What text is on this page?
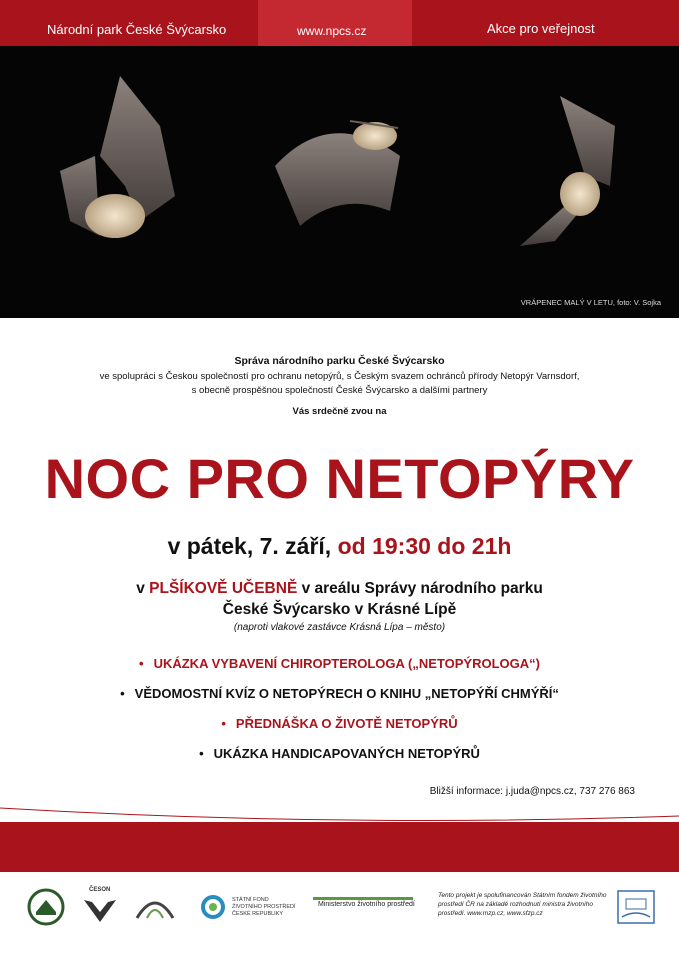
Národní park České Švýcarsko	www.npcs.cz	Akce pro veřejnost
VRÁPENEC MALÝ V LETU, foto: V. Sojka
Správa národního parku České Švýcarsko
ve spolupráci s Českou společností pro ochranu netopýrů, s Českým svazem ochránců přírody Netopýr Varnsdorf,
s obecně prospěšnou společností České Švýcarsko a dalšími partnery
Vás srdečně zvou na
NOC PRO NETOPÝRY
v pátek, 7. září, od 19:30 do 21h
v PLŠÍKOVĚ UČEBNĚ v areálu Správy národního parku
České Švýcarsko v Krásné Lípě
(naproti vlakové zastávce Krásná Lípa – město)
• UKÁZKA VYBAVENÍ CHIROPTEROLOGA („NETOPÝROLOGA“)
• VĚDOMOSTNÍ KVÍZ O NETOPÝRECH O KNIHU „NETOPÝŘÍ CHMÝŘÍ“
• PŘEDNÁŠKA O ŽIVOTĚ NETOPÝRŮ
• UKÁZKA HANDICAPOVANÝCH NETOPÝRŮ
Bližší informace: j.juda@npcs.cz, 737 276 863
ČESON
STÁTNÍ FOND
ŽIVOTNÍHO PROSTŘEDÍ
ČESKÉ REPUBLIKY
Ministerstvo životního prostředí
Tento projekt je spolufinancován Státním fondem životního prostředí ČR na základě rozhodnutí ministra životního prostředí. www.mzp.cz, www.sfzp.cz
